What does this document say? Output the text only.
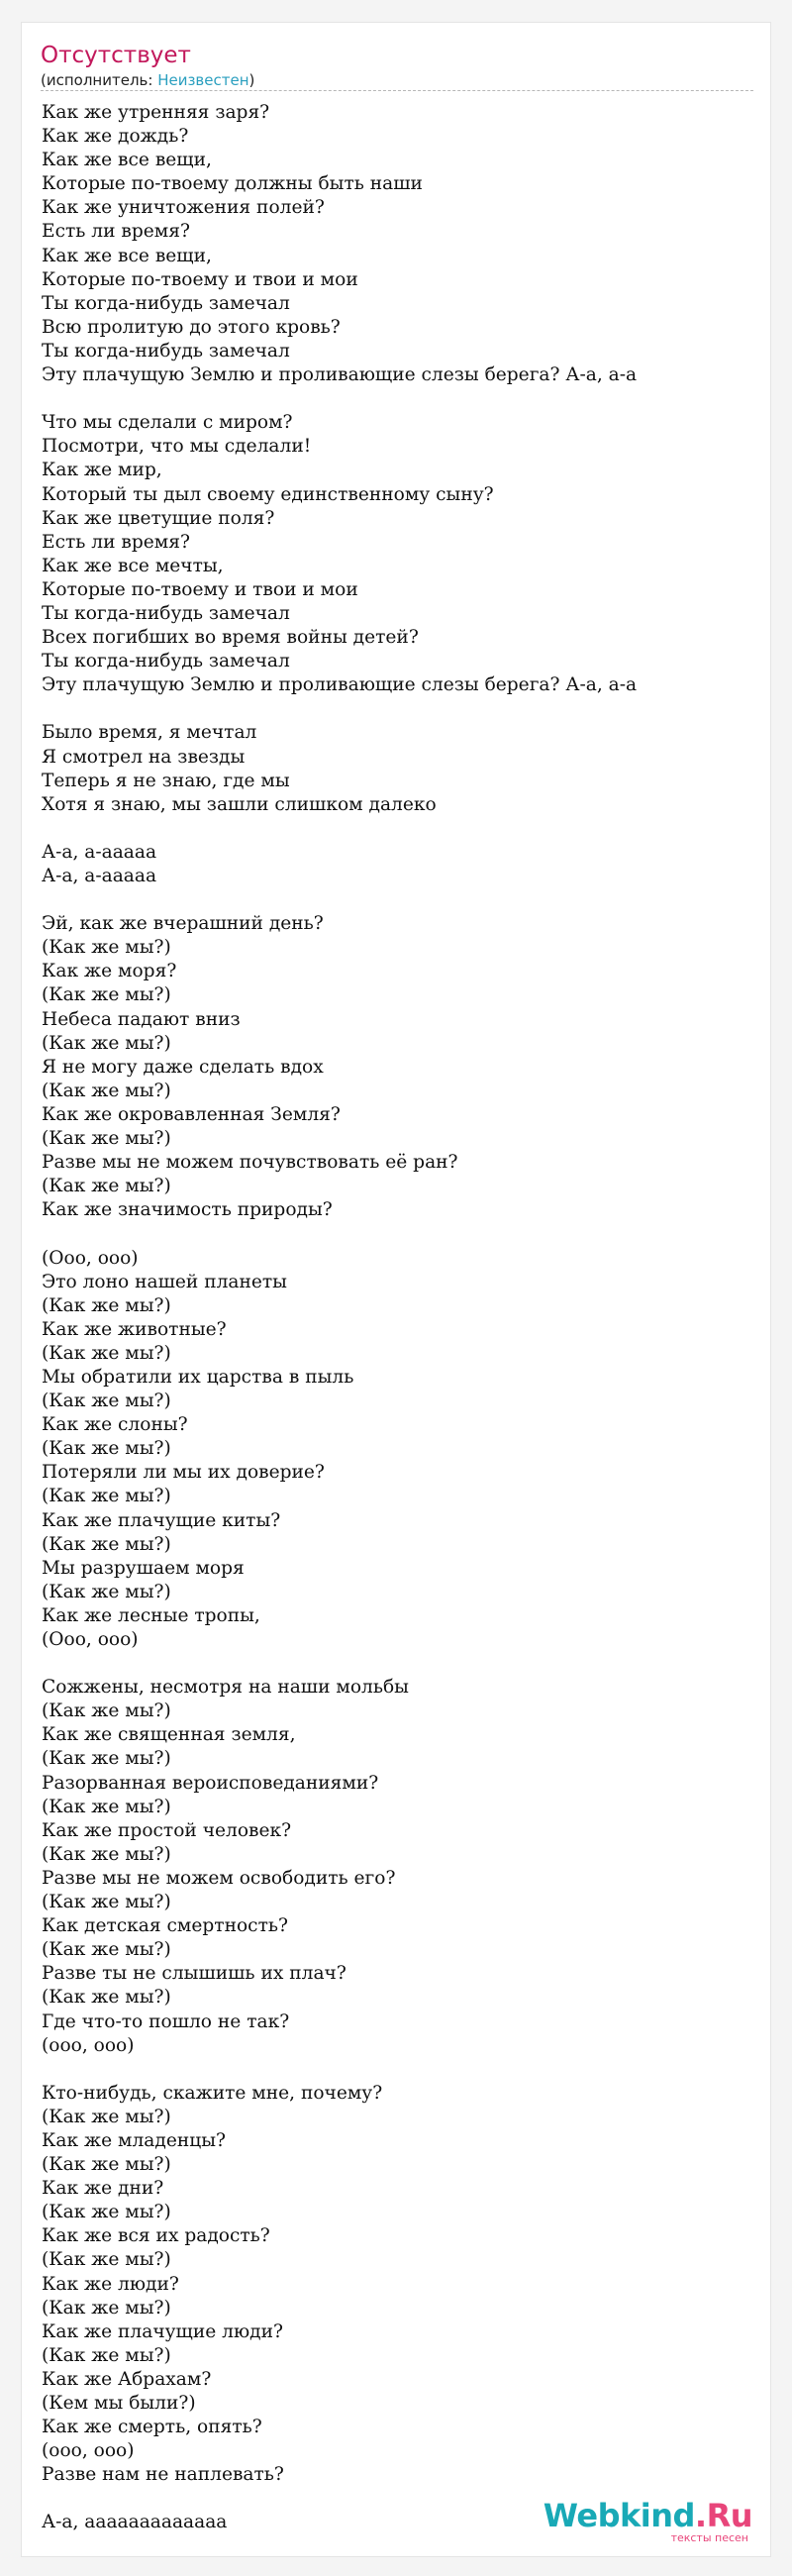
Отсутствует
(исполнитель: Неизвестен)
Как же утренняя заря?
Как же дождь?
Как же все вещи,
Которые по-твоему должны быть наши
Как же уничтожения полей?
Есть ли время?
Как же все вещи,
Которые по-твоему и твои и мои
Ты когда-нибудь замечал
Всю пролитую до этого кровь?
Ты когда-нибудь замечал
Эту плачущую Землю и проливающие слезы берега? А-а, а-а
Что мы сделали с миром?
Посмотри, что мы сделали!
Как же мир,
Который ты дыл своему единственному сыну?
Как же цветущие поля?
Есть ли время?
Как же все мечты,
Которые по-твоему и твои и мои
Ты когда-нибудь замечал
Всех погибших во время войны детей?
Ты когда-нибудь замечал
Эту плачущую Землю и проливающие слезы берега? А-а, а-а
Было время, я мечтал
Я смотрел на звезды
Теперь я не знаю, где мы
Хотя я знаю, мы зашли слишком далеко
А-а, а-ааааа
А-а, а-ааааа
Эй, как же вчерашний день?
(Как же мы?)
Как же моря?
(Как же мы?)
Небеса падают вниз
(Как же мы?)
Я не могу даже сделать вдох
(Как же мы?)
Как же окровавленная Земля?
(Как же мы?)
Разве мы не можем почувствовать её ран?
(Как же мы?)
Как же значимость природы?
(Ооо, ооо)
Это лоно нашей планеты
(Как же мы?)
Как же животные?
(Как же мы?)
Мы обратили их царства в пыль
(Как же мы?)
Как же слоны?
(Как же мы?)
Потеряли ли мы их доверие?
(Как же мы?)
Как же плачущие киты?
(Как же мы?)
Мы разрушаем моря
(Как же мы?)
Как же лесные тропы,
(Ооо, ооо)
Сожжены, несмотря на наши мольбы
(Как же мы?)
Как же священная земля,
(Как же мы?)
Разорванная вероисповеданиями?
(Как же мы?)
Как же простой человек?
(Как же мы?)
Разве мы не можем освободить его?
(Как же мы?)
Как детская смертность?
(Как же мы?)
Разве ты не слышишь их плач?
(Как же мы?)
Где что-то пошло не так?
(ооо, ооо)
Кто-нибудь, скажите мне, почему?
(Как же мы?)
Как же младенцы?
(Как же мы?)
Как же дни?
(Как же мы?)
Как же вся их радость?
(Как же мы?)
Как же люди?
(Как же мы?)
Как же плачущие люди?
(Как же мы?)
Как же Абрахам?
(Кем мы были?)
Как же смерть, опять?
(ооо, ооо)
Разве нам не наплевать?
А-а, ааааааааааааа	Webkind.Ru
тексты песен
